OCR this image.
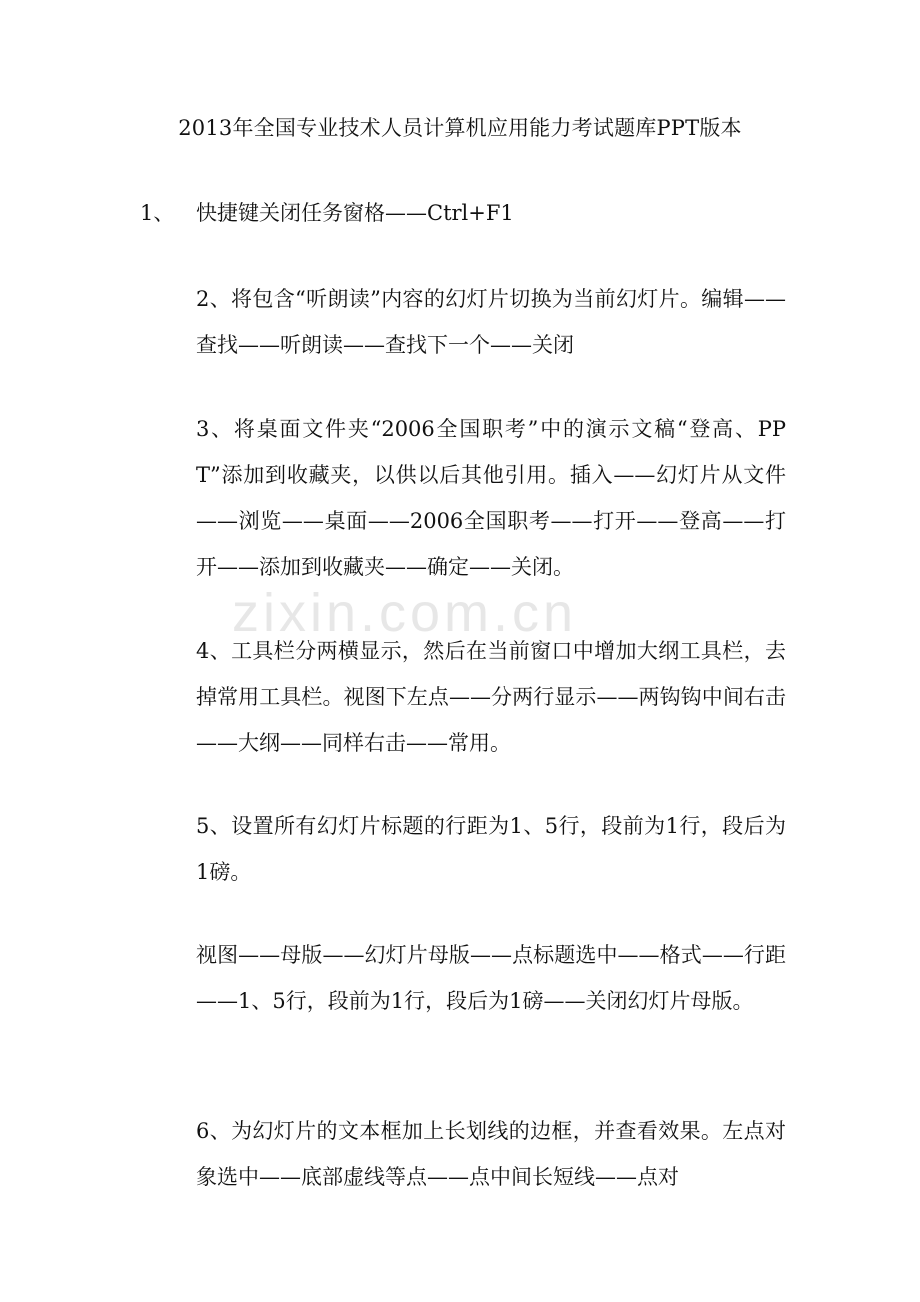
2013年全国专业技术人员计算机应用能力考试题库PPT版本
1、 快捷键关闭任务窗格——Ctrl+F1
2、将包含“听朗读”内容的幻灯片切换为当前幻灯片。编辑——查找——听朗读——查找下一个——关闭
3、将桌面文件夹“2006全国职考”中的演示文稿“登高、PPT”添加到收藏夹，以供以后其他引用。插入——幻灯片从文件——浏览——桌面——2006全国职考——打开——登高——打开——添加到收藏夹——确定——关闭。
4、工具栏分两横显示，然后在当前窗口中增加大纲工具栏，去掉常用工具栏。视图下左点——分两行显示——两钩钩中间右击——大纲——同样右击——常用。
5、设置所有幻灯片标题的行距为1、5行，段前为1行，段后为1磅。
视图——母版——幻灯片母版——点标题选中——格式——行距——1、5行，段前为1行，段后为1磅——关闭幻灯片母版。
6、为幻灯片的文本框加上长划线的边框，并查看效果。左点对象选中——底部虚线等点——点中间长短线——点对
zixin.com.cn
